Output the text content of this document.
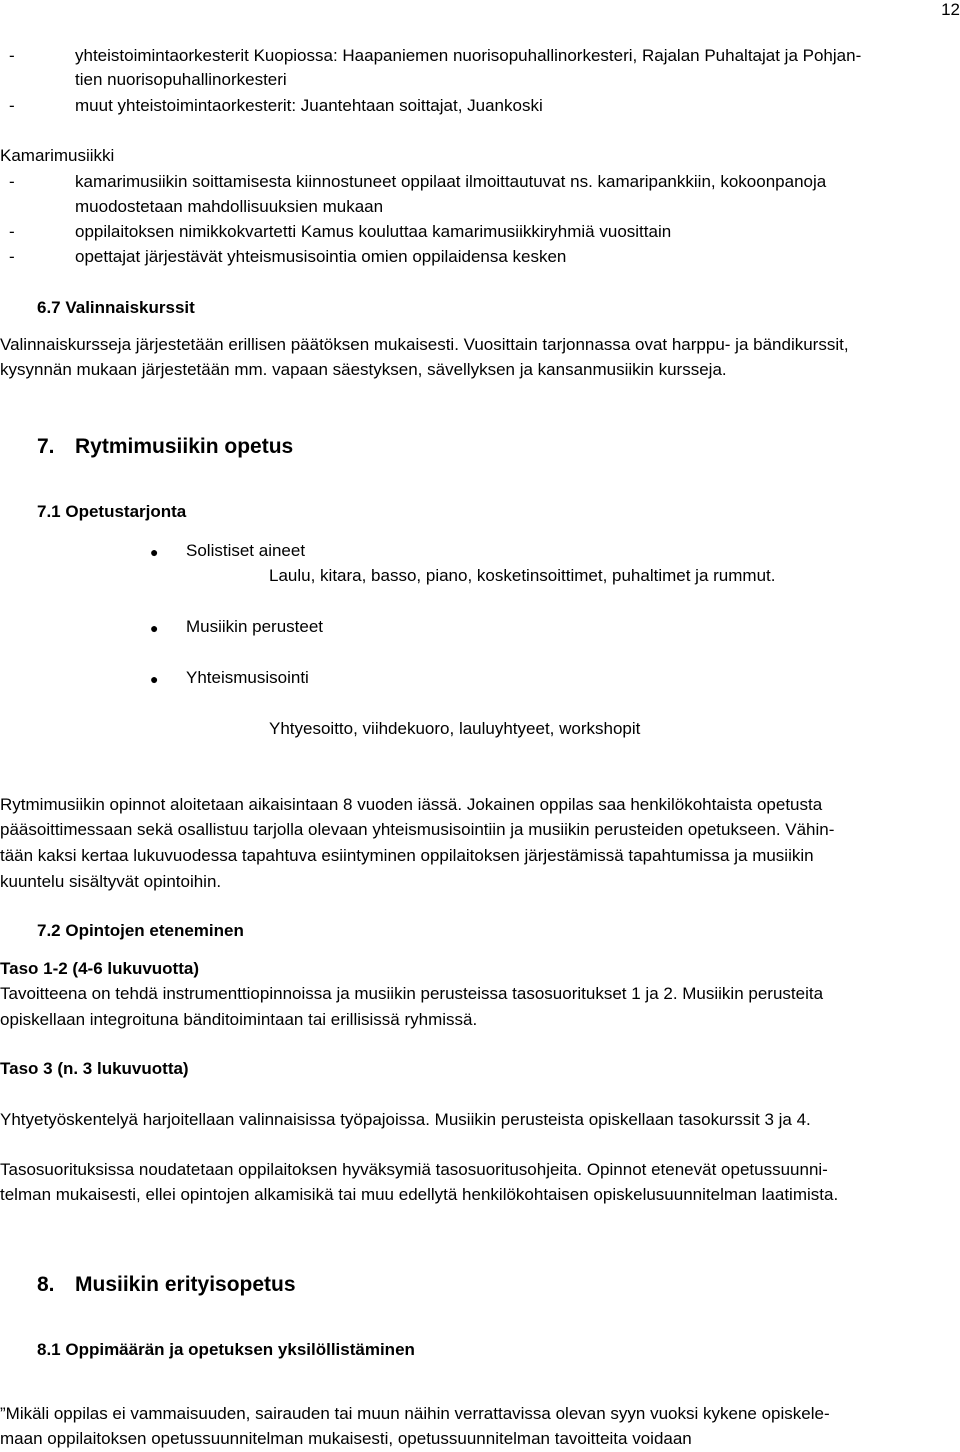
12
-	yhteistoimintaorkesterit Kuopiossa: Haapaniemen nuorisopuhallinorkesteri, Rajalan Puhaltajat ja Pohjan-

tien nuorisopuhallinorkesteri

-	muut yhteistoimintaorkesterit: Juantehtaan soittajat, Juankoski

Kamarimusiikki

-	kamarimusiikin soittamisesta kiinnostuneet oppilaat ilmoittautuvat ns. kamaripankkiin, kokoonpanoja

muodostetaan mahdollisuuksien mukaan

-	oppilaitoksen nimikkokvartetti Kamus kouluttaa kamarimusiikkiryhmiä vuosittain

-	opettajat järjestävät yhteismusisointia omien oppilaidensa kesken

6.7 Valinnaiskurssit

Valinnaiskursseja järjestetään erillisen päätöksen mukaisesti. Vuosittain tarjonnassa ovat harppu- ja bändikurssit,

kysynnän mukaan järjestetään mm. vapaan säestyksen, sävellyksen ja kansanmusiikin kursseja.

7. Rytmimusiikin opetus

7.1 Opetustarjonta

● Solistiset aineet

Laulu, kitara, basso, piano, kosketinsoittimet, puhaltimet ja rummut.

● Musiikin perusteet

● Yhteismusisointi

Yhtyesoitto, viihdekuoro, lauluyhtyeet, workshopit

Rytmimusiikin opinnot aloitetaan aikaisintaan 8 vuoden iässä. Jokainen oppilas saa henkilökohtaista opetusta

pääsoittimessaan sekä osallistuu tarjolla olevaan yhteismusisointiin ja musiikin perusteiden opetukseen. Vähin-

tään kaksi kertaa lukuvuodessa tapahtuva esiintyminen oppilaitoksen järjestämissä tapahtumissa ja musiikin

kuuntelu sisältyvät opintoihin.

7.2 Opintojen eteneminen

Taso 1-2 (4-6 lukuvuotta)

Tavoitteena on tehdä instrumenttiopinnoissa ja musiikin perusteissa tasosuoritukset 1 ja 2. Musiikin perusteita

opiskellaan integroituna bänditoimintaan tai erillisissä ryhmissä.

Taso 3 (n. 3 lukuvuotta)

Yhtyetyöskentelyä harjoitellaan valinnaisissa työpajoissa. Musiikin perusteista opiskellaan tasokurssit 3 ja 4.

Tasosuorituksissa noudatetaan oppilaitoksen hyväksymiä tasosuoritusohjeita. Opinnot etenevät opetussuunni-

telman mukaisesti, ellei opintojen alkamisikä tai muu edellytä henkilökohtaisen opiskelusuunnitelman laatimista.

8. Musiikin erityisopetus

8.1 Oppimäärän ja opetuksen yksilöllistäminen

”Mikäli oppilas ei vammaisuuden, sairauden tai muun näihin verrattavissa olevan syyn vuoksi kykene opiskele-

maan oppilaitoksen opetussuunnitelman mukaisesti, opetussuunnitelman tavoitteita voidaan
